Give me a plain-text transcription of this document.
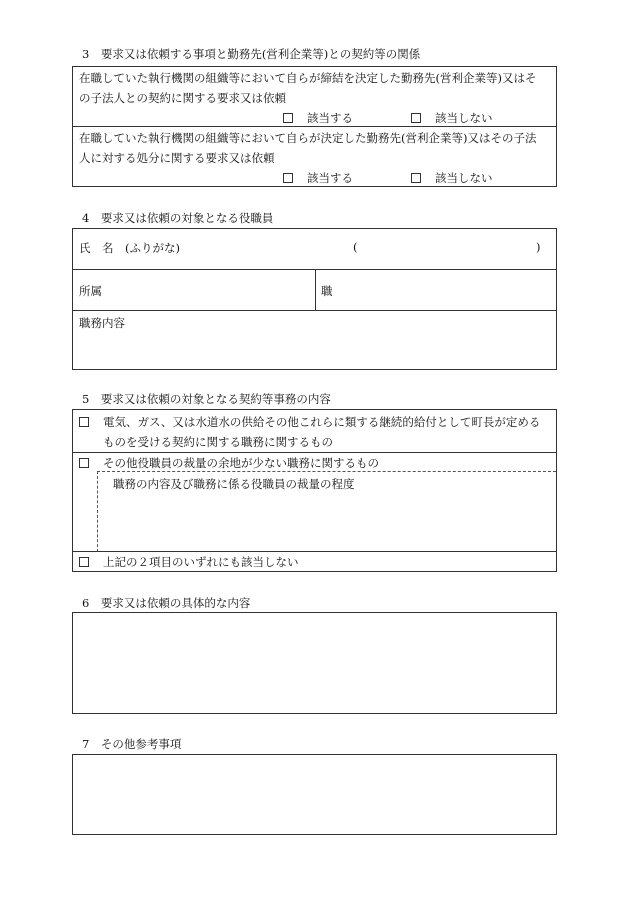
3　要求又は依頼する事項と勤務先(営利企業等)との契約等の関係
在職していた執行機関の組織等において自らが締結を決定した勤務先(営利企業等)又はそ
の子法人との契約に関する要求又は依頼
該当する	該当しない
在職していた執行機関の組織等において自らが決定した勤務先(営利企業等)又はその子法
人に対する処分に関する要求又は依頼
該当する	該当しない
4　要求又は依頼の対象となる役職員
氏　名　(ふりがな)	(	)
所属	職
職務内容
5　要求又は依頼の対象となる契約等事務の内容
電気、ガス、又は水道水の供給その他これらに類する継続的給付として町長が定める
ものを受ける契約に関する職務に関するもの
その他役職員の裁量の余地が少ない職務に関するもの
職務の内容及び職務に係る役職員の裁量の程度
上記の２項目のいずれにも該当しない
6　要求又は依頼の具体的な内容
7　その他参考事項
